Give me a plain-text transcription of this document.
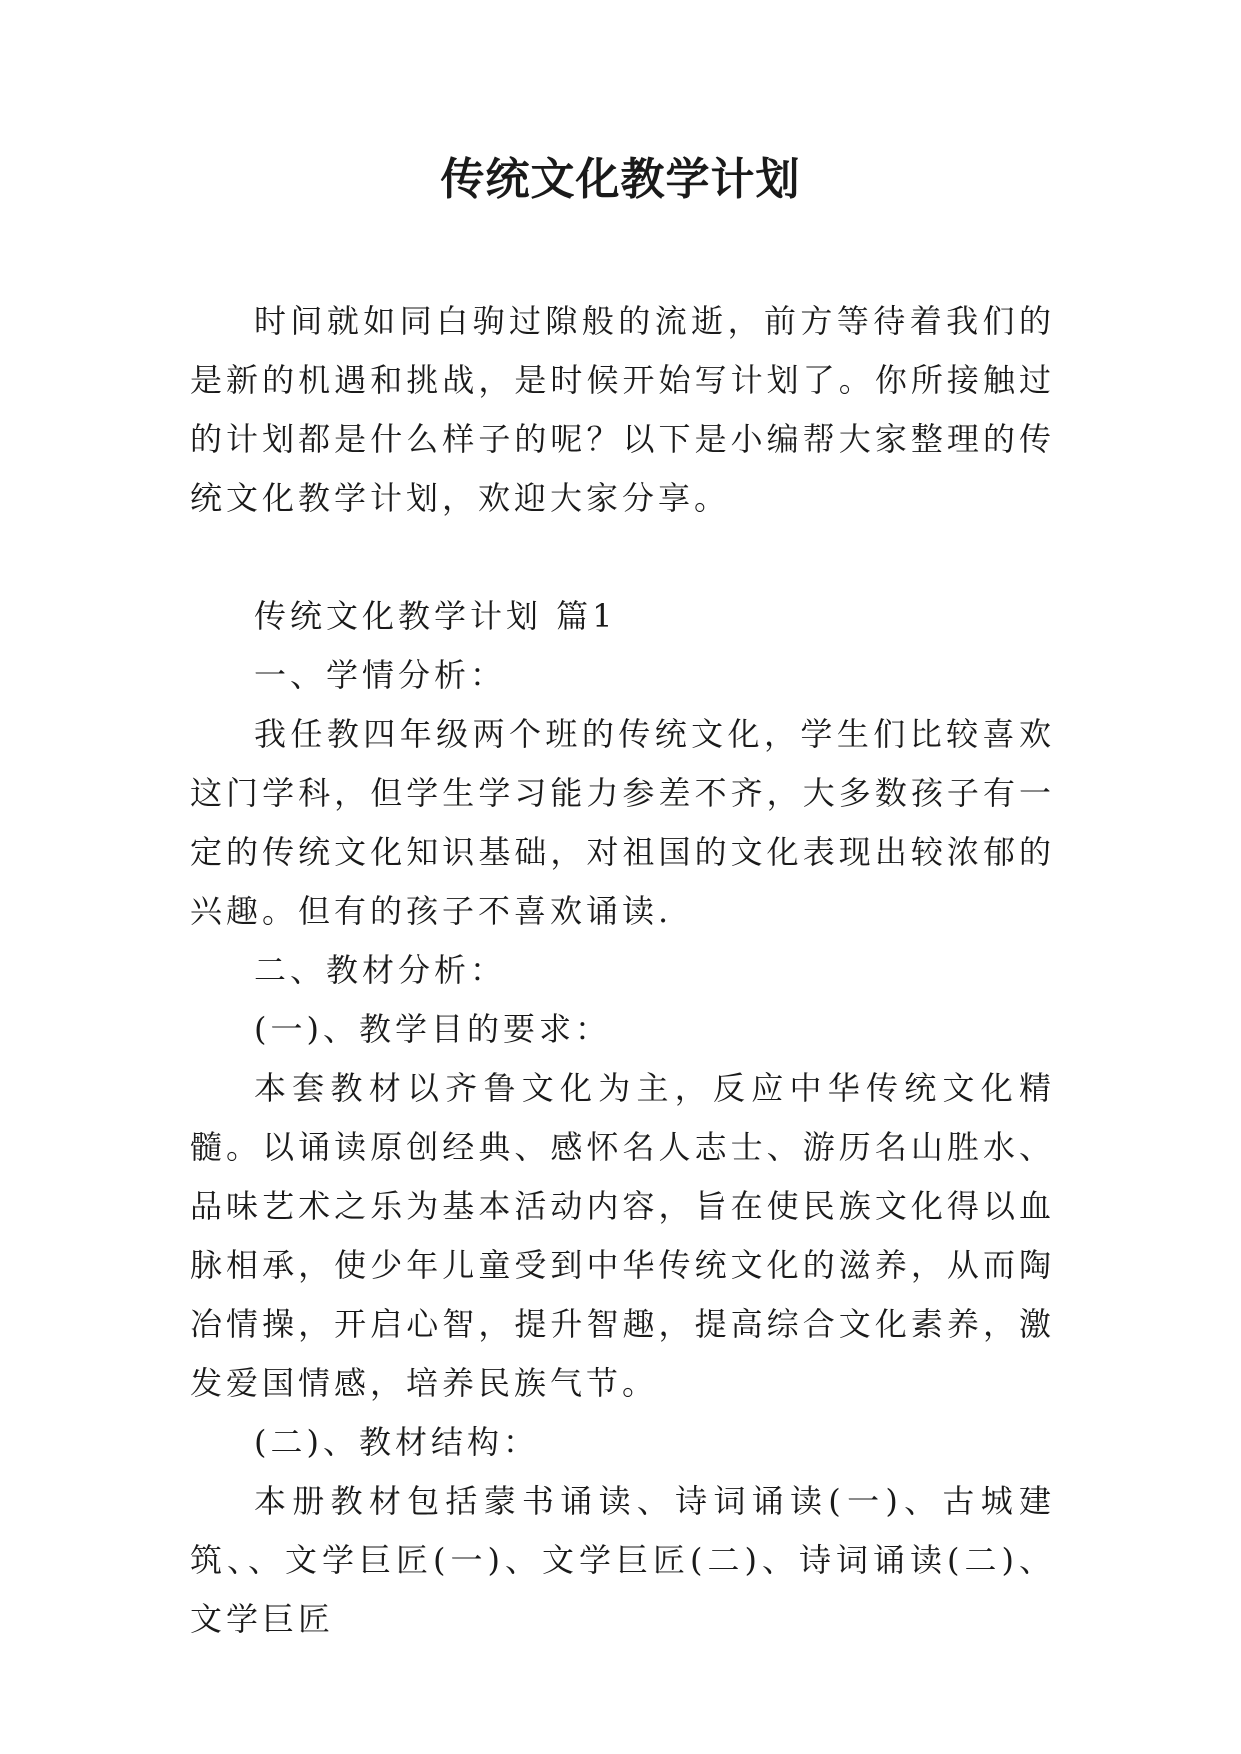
传统文化教学计划

时间就如同白驹过隙般的流逝，前方等待着我们的是新的机遇和挑战，是时候开始写计划了。你所接触过的计划都是什么样子的呢？以下是小编帮大家整理的传统文化教学计划，欢迎大家分享。

传统文化教学计划 篇1

一、学情分析：

我任教四年级两个班的传统文化，学生们比较喜欢这门学科，但学生学习能力参差不齐，大多数孩子有一定的传统文化知识基础，对祖国的文化表现出较浓郁的兴趣。但有的孩子不喜欢诵读.

二、教材分析：

(一)、教学目的要求：

本套教材以齐鲁文化为主，反应中华传统文化精髓。以诵读原创经典、感怀名人志士、游历名山胜水、品味艺术之乐为基本活动内容，旨在使民族文化得以血脉相承，使少年儿童受到中华传统文化的滋养，从而陶冶情操，开启心智，提升智趣，提高综合文化素养，激发爱国情感，培养民族气节。

(二)、教材结构：

本册教材包括蒙书诵读、诗词诵读(一)、古城建筑、、文学巨匠(一)、文学巨匠(二)、诗词诵读(二)、文学巨匠
